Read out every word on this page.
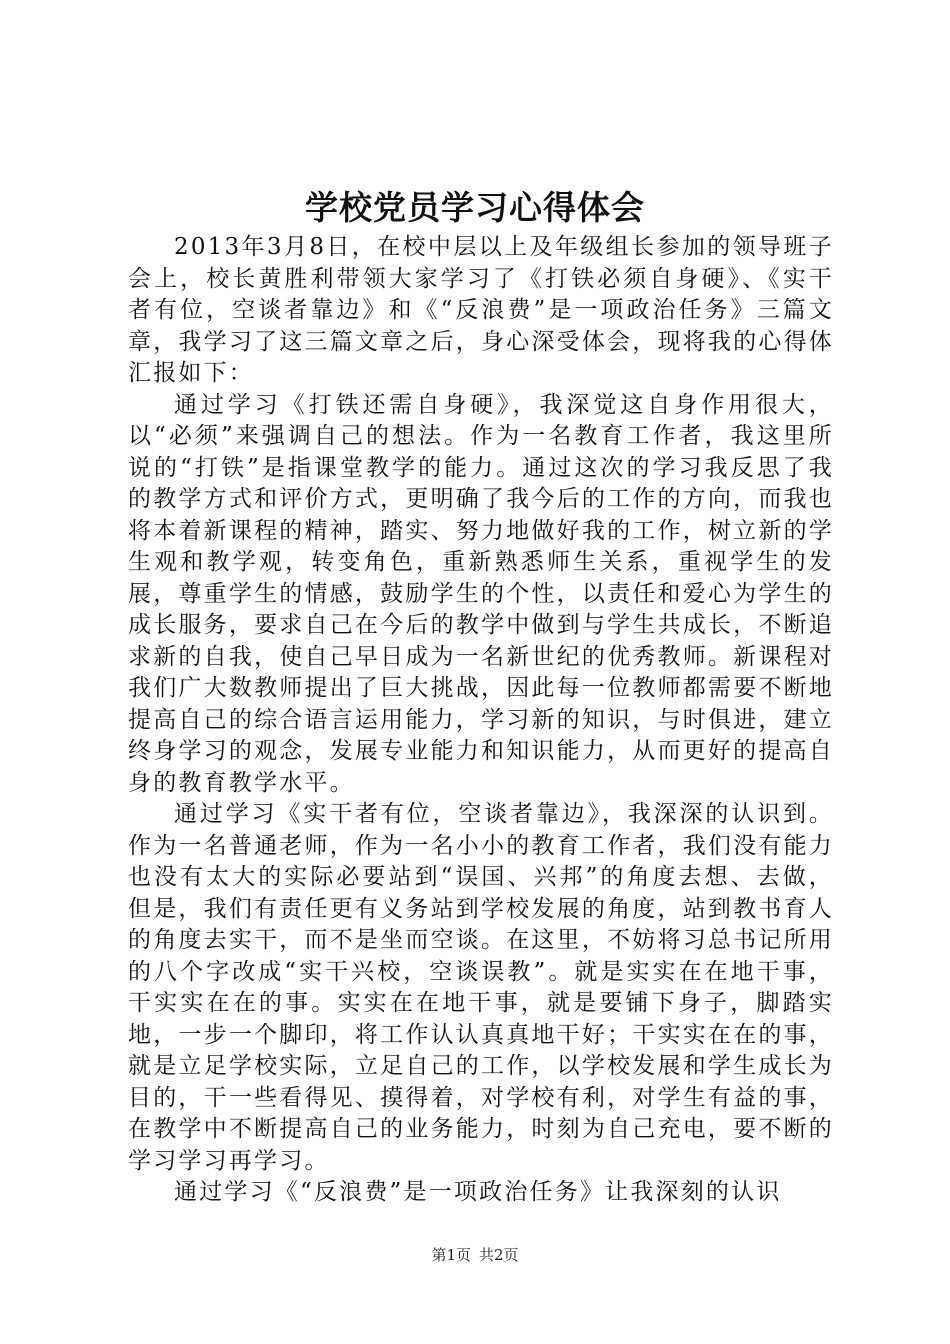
学校党员学习心得体会

2013年3月8日，在校中层以上及年级组长参加的领导班子会上，校长黄胜利带领大家学习了《打铁必须自身硬》、《实干者有位，空谈者靠边》和《“反浪费”是一项政治任务》三篇文章，我学习了这三篇文章之后，身心深受体会，现将我的心得体汇报如下：

通过学习《打铁还需自身硬》，我深觉这自身作用很大，以“必须”来强调自己的想法。作为一名教育工作者，我这里所说的“打铁”是指课堂教学的能力。通过这次的学习我反思了我的教学方式和评价方式，更明确了我今后的工作的方向，而我也将本着新课程的精神，踏实、努力地做好我的工作，树立新的学生观和教学观，转变角色，重新熟悉师生关系，重视学生的发展，尊重学生的情感，鼓励学生的个性，以责任和爱心为学生的成长服务，要求自己在今后的教学中做到与学生共成长，不断追求新的自我，使自己早日成为一名新世纪的优秀教师。新课程对我们广大数教师提出了巨大挑战，因此每一位教师都需要不断地提高自己的综合语言运用能力，学习新的知识，与时俱进，建立终身学习的观念，发展专业能力和知识能力，从而更好的提高自身的教育教学水平。

通过学习《实干者有位，空谈者靠边》，我深深的认识到。作为一名普通老师，作为一名小小的教育工作者，我们没有能力也没有太大的实际必要站到“误国、兴邦”的角度去想、去做，但是，我们有责任更有义务站到学校发展的角度，站到教书育人的角度去实干，而不是坐而空谈。在这里，不妨将习总书记所用的八个字改成“实干兴校，空谈误教”。就是实实在在地干事，干实实在在的事。实实在在地干事，就是要铺下身子，脚踏实地，一步一个脚印，将工作认认真真地干好；干实实在在的事，就是立足学校实际，立足自己的工作，以学校发展和学生成长为目的，干一些看得见、摸得着，对学校有利，对学生有益的事，在教学中不断提高自己的业务能力，时刻为自己充电，要不断的学习学习再学习。

通过学习《“反浪费”是一项政治任务》让我深刻的认识

第1页 共2页
